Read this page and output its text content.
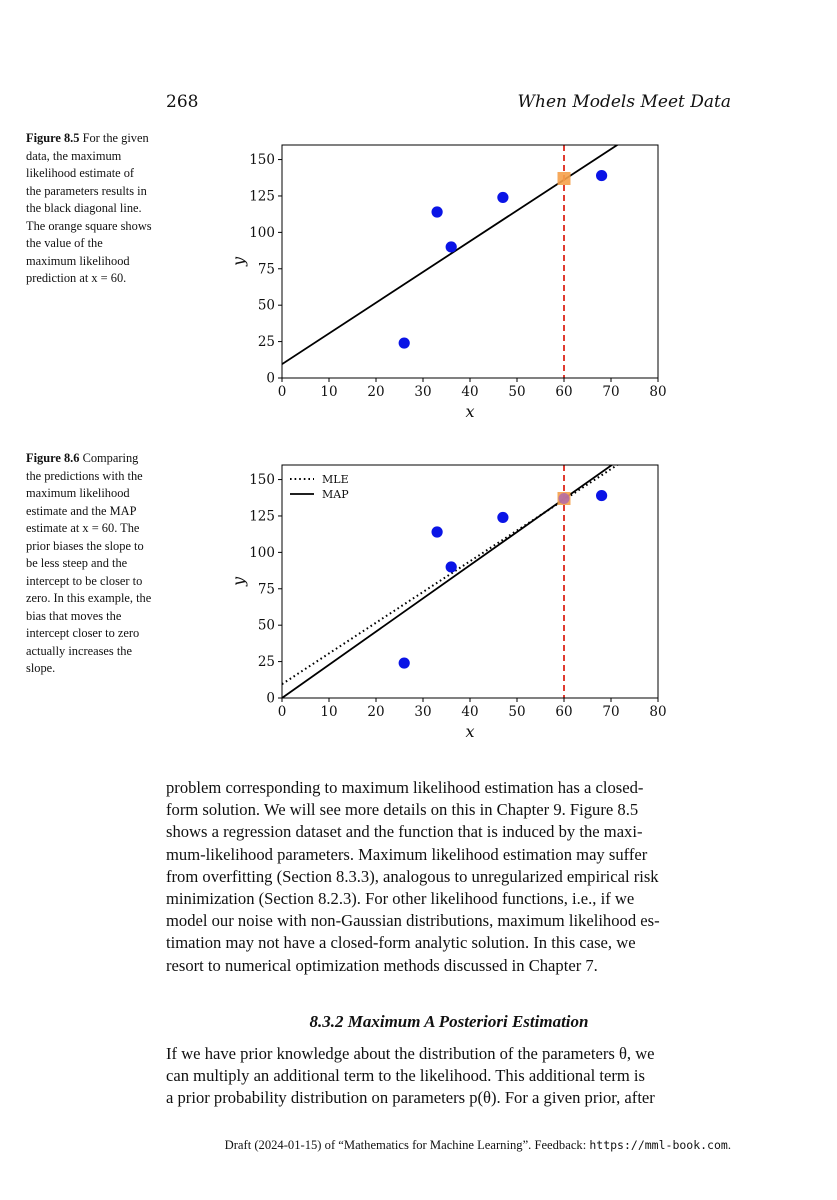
268	When Models Meet Data
Figure 8.5 For the given data, the maximum likelihood estimate of the parameters results in the black diagonal line. The orange square shows the value of the maximum likelihood prediction at x = 60.
0	10 20 30 40 50 60 70 80
0
25
50
75
100
125
150
x
y
Figure 8.6 Comparing the predictions with the maximum likelihood estimate and the MAP estimate at x = 60. The prior biases the slope to be less steep and the intercept to be closer to zero. In this example, the bias that moves the intercept closer to zero actually increases the slope.
0	10 20 30 40 50 60 70 80
0
25
50
75
100
125
150
x
y
MLE
MAP
problem corresponding to maximum likelihood estimation has a closed-
form solution. We will see more details on this in Chapter 9. Figure 8.5
shows a regression dataset and the function that is induced by the maxi-
mum-likelihood parameters. Maximum likelihood estimation may suffer
from overfitting (Section 8.3.3), analogous to unregularized empirical risk
minimization (Section 8.2.3). For other likelihood functions, i.e., if we
model our noise with non-Gaussian distributions, maximum likelihood es-
timation may not have a closed-form analytic solution. In this case, we
resort to numerical optimization methods discussed in Chapter 7.
8.3.2 Maximum A Posteriori Estimation
If we have prior knowledge about the distribution of the parameters θ, we
can multiply an additional term to the likelihood. This additional term is
a prior probability distribution on parameters p(θ). For a given prior, after
Draft (2024-01-15) of “Mathematics for Machine Learning”. Feedback: https://mml-book.com.
